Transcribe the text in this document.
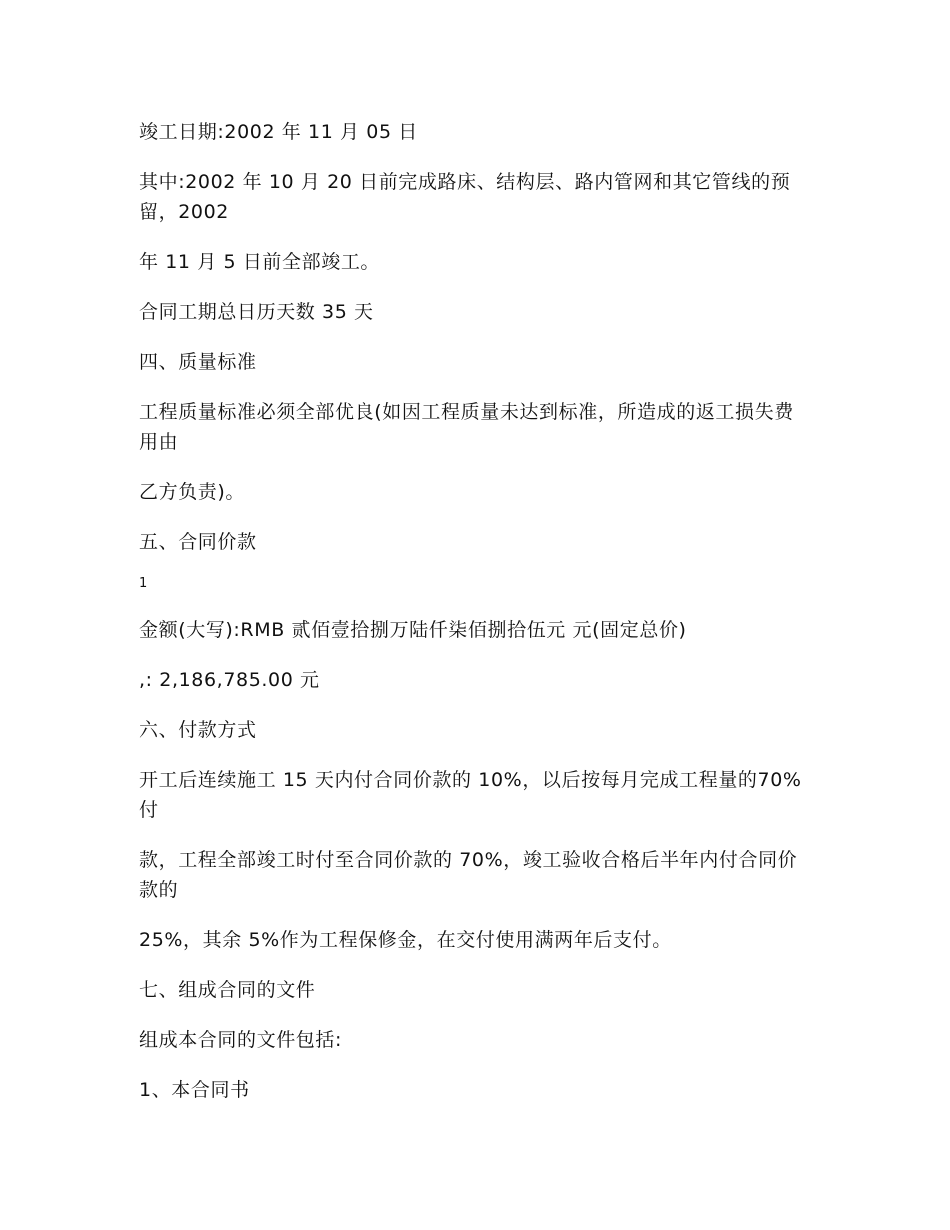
竣工日期:2002 年 11 月 05 日

其中:2002 年 10 月 20 日前完成路床、结构层、路内管网和其它管线的预留，2002

年 11 月 5 日前全部竣工。

合同工期总日历天数 35 天

四、质量标准

工程质量标准必须全部优良(如因工程质量未达到标准，所造成的返工损失费用由

乙方负责)。

五、合同价款

1

金额(大写):RMB 贰佰壹拾捌万陆仟柒佰捌拾伍元 元(固定总价)

,: 2,186,785.00 元

六、付款方式

开工后连续施工 15 天内付合同价款的 10%，以后按每月完成工程量的70%付

款，工程全部竣工时付至合同价款的 70%，竣工验收合格后半年内付合同价款的

25%，其余 5%作为工程保修金，在交付使用满两年后支付。

七、组成合同的文件

组成本合同的文件包括:

1、本合同书
